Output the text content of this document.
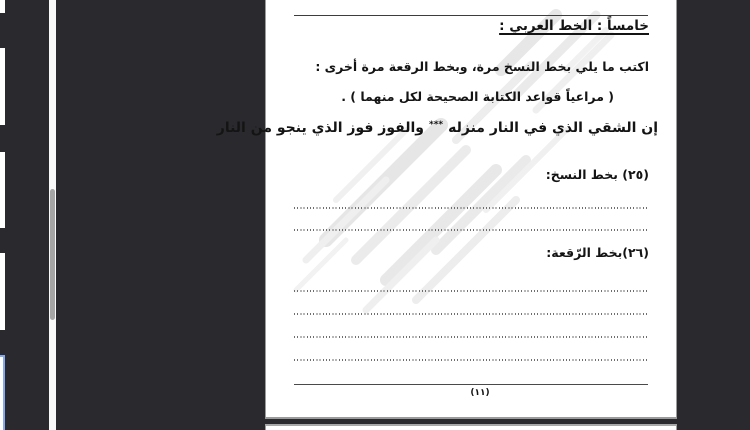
خامساً : الخط العربي :
اكتب ما يلي بخط النسخ مرة، وبخط الرقعة مرة أخرى :
( مراعياً قواعد الكتابة الصحيحة لكل منهما ) .
إن الشقي الذي في النار منزله***والفوز فوز الذي ينجو من النار
(٢٥) بخط النسخ:
(٢٦)بخط الرّقعة:
(١١)
